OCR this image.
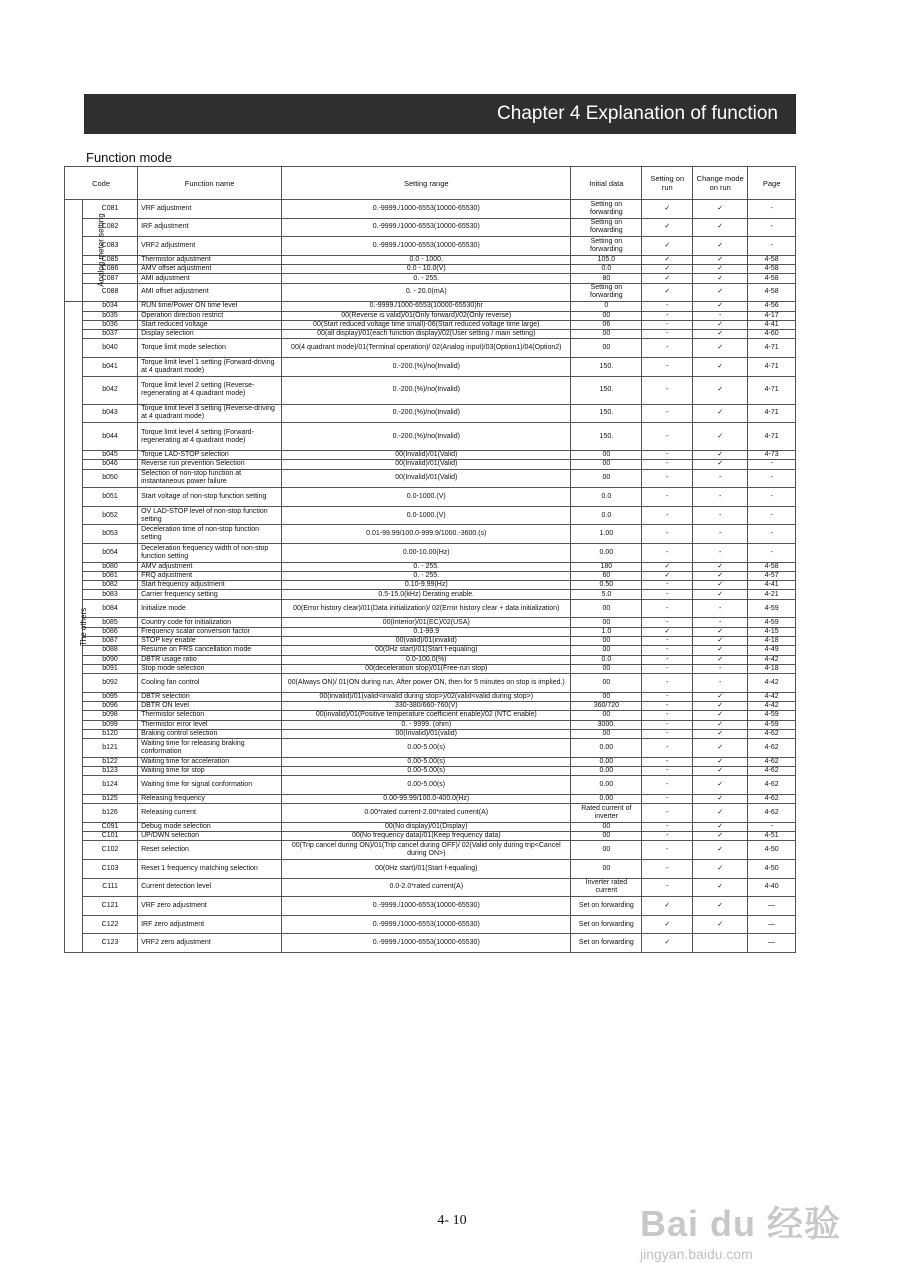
Chapter 4 Explanation of function
Function mode
Code		Function name	Setting range	Initial data	Setting on run	Change mode on run	Page
Analog meter setting	C081	VRF adjustment	0.-9999./1000-6553(10000-65530)	Setting on forwarding	✓	✓	-
	C082	IRF adjustment	0.-9999./1000-6553(10000-65530)	Setting on forwarding	✓	✓	-
	C083	VRF2 adjustment	0.-9999./1000-6553(10000-65530)	Setting on forwarding	✓	✓	-
	C085	Thermistor adjustment	0.0 - 1000.	105.0	✓	✓	4-58
	C086	AMV offset adjustment	0.0 - 10.0(V)	0.0	✓	✓	4-58
	C087	AMI adjustment	0. - 255.	80	✓	✓	4-58
	C088	AMI offset adjustment	0. - 20.0(mA)	Setting on forwarding	✓	✓	4-58
The others	b034	RUN time/Power ON time level	0.-9999./1000-6553(10000-65530)hr	0	-	✓	4-56
	b035	Operation direction restrict	00(Reverse is valid)/01(Only forward)/02(Only reverse)	00	-	-	4-17
	b036	Start reduced voltage	00(Start reduced voltage time small)-06(Start reduced voltage time large)	06	-	✓	4-41
	b037	Display selection	00(all display)/01(each function display)/02(User setting / main setting)	00	-	✓	4-60
	b040	Torque limit mode selection	00(4 quadrant mode)/01(Terminal operation)/ 02(Analog input)/03(Option1)/04(Option2)	00	-	✓	4-71
	b041	Torque limit level 1 setting (Forward-driving at 4 quadrant mode)	0.-200.(%)/no(Invalid)	150.	-	✓	4-71
	b042	Torque limit level 2 setting (Reverse-regenerating at 4 quadrant mode)	0.-200.(%)/no(Invalid)	150.	-	✓	4-71
	b043	Torque limit level 3 setting (Reverse-driving at 4 quadrant mode)	0.-200.(%)/no(Invalid)	150.	-	✓	4-71
	b044	Torque limit level 4 setting (Forward-regenerating at 4 quadrant mode)	0.-200.(%)/no(Invalid)	150.	-	✓	4-71
	b045	Torque LAD-STOP selection	00(Invalid)/01(Valid)	00	-	✓	4-73
	b046	Reverse run prevention Selection	00(Invalid)/01(Valid)	00	-	✓	-
	b050	Selection of non-stop function at instantaneous power failure	00(Invalid)/01(Valid)	00	-	-	-
	b051	Start voltage of non-stop function setting	0.0-1000.(V)	0.0	-	-	-
	b052	OV LAD-STOP level of non-stop function setting	0.0-1000.(V)	0.0	-	-	-
	b053	Deceleration time of non-stop function setting	0.01-99.99/100.0-999.9/1000.-3600.(s)	1.00	-	-	-
	b054	Deceleration frequency width of non-stop function setting	0.00-10.00(Hz)	0.00	-	-	-
	b080	AMV adjustment	0. - 255.	180	✓	✓	4-58
	b081	FRQ adjustment	0. - 255.	60	✓	✓	4-57
	b082	Start frequency adjustment	0.10-9.99(Hz)	0.50	-	✓	4-41
	b083	Carrier frequency setting	0.5-15.0(kHz) Derating enable.	5.0	-	✓	4-21
	b084	Initialize mode	00(Error history clear)/01(Data initialization)/ 02(Error history clear + data initialization)	00	-	-	4-59
	b085	Country code for initialization	00(Interior)/01(EC)/02(USA)	00	-	-	4-59
	b086	Frequency scalar conversion factor	0.1-99.9	1.0	✓	✓	4-15
	b087	STOP key enable	00(valid)/01(invalid)	00	-	✓	4-18
	b088	Resume on FRS cancellation mode	00(0Hz start)/01(Start f-equaling)	00	-	✓	4-49
	b090	DBTR usage ratio	0.0-100.0(%)	0.0	-	✓	4-42
	b091	Stop mode selection	00(deceleration stop)/01(Free-run stop)	00	-	-	4-18
	b092	Cooling fan control	00(Always ON)/ 01(ON during run, After power ON, then for 5 minutes on stop is implied.)	00	-	-	4-42
	b095	DBTR selection	00(invalid)/01(valid<invalid during stop>)/02(valid<valid during stop>)	00	-	✓	4-42
	b096	DBTR ON level	330-380/660-760(V)	360/720	-	✓	4-42
	b098	Thermistor selection	00(invalid)/01(Positive temperature coefficient enable)/02 (NTC enable)	00	-	✓	4-59
	b099	Thermistor error level	0. - 9999. (ohm)	3000.	-	✓	4-59
	b120	Braking control selection	00(Invalid)/01(valid)	00	-	✓	4-62
	b121	Waiting time for releasing braking conformation	0.00-5.00(s)	0.00	-	✓	4-62
	b122	Waiting time for acceleration	0.00-5.00(s)	0.00	-	✓	4-62
	b123	Waiting time for stop	0.00-5.00(s)	0.00	-	✓	4-62
	b124	Waiting time for signal conformation	0.00-5.00(s)	0.00	-	✓	4-62
	b125	Releasing frequency	0.00-99.99/100.0-400.0(Hz)	0.00	-	✓	4-62
	b126	Releasing current	0.00*rated current-2.00*rated current(A)	Rated current of inverter	-	✓	4-62
	C091	Debug mode selection	00(No display)/01(Display)	00	-	✓	-
	C101	UP/DWN selection	00(No frequency data)/01(Keep frequency data)	00	-	✓	4-51
	C102	Reset selection	00(Trip cancel during ON)/01(Trip cancel during OFF)/ 02(Valid only during trip<Cancel during ON>)	00	-	✓	4-50
	C103	Reset 1 frequency matching selection	00(0Hz start)/01(Start f-equaling)	00	-	✓	4-50
	C111	Current detection level	0.0-2.0*rated current(A)	Inverter rated current	-	✓	4-40
	C121	VRF zero adjustment	0.-9999./1000-6553(10000-65530)	Set on forwarding	✓	✓	—
	C122	IRF zero adjustment	0.-9999./1000-6553(10000-65530)	Set on forwarding	✓	✓	—
	C123	VRF2 zero adjustment	0.-9999./1000-6553(10000-65530)	Set on forwarding	✓		—
4- 10	Bai du 经验
jingyan.baidu.com
